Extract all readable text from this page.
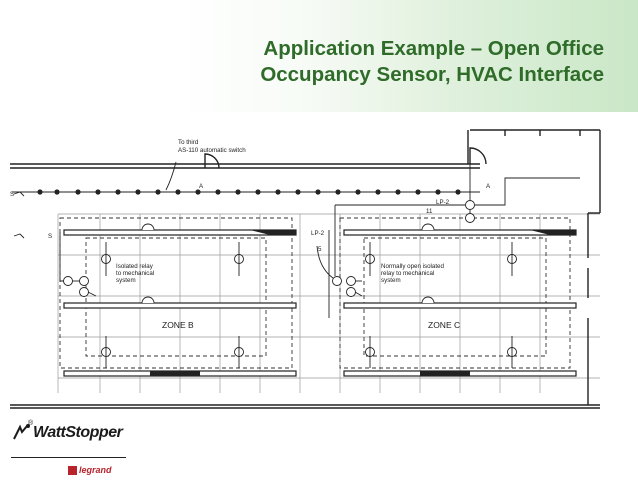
Application Example – Open Office
Occupancy Sensor, HVAC Interface
To third
AS-110 automatic switch
Isolated relay
to mechanical
system
Normally open isolated
relay to mechanical
system
ZONE B	ZONE C
LP-2
LP-2
11
5
A
A
S
S
WattStopper
®
legrand
